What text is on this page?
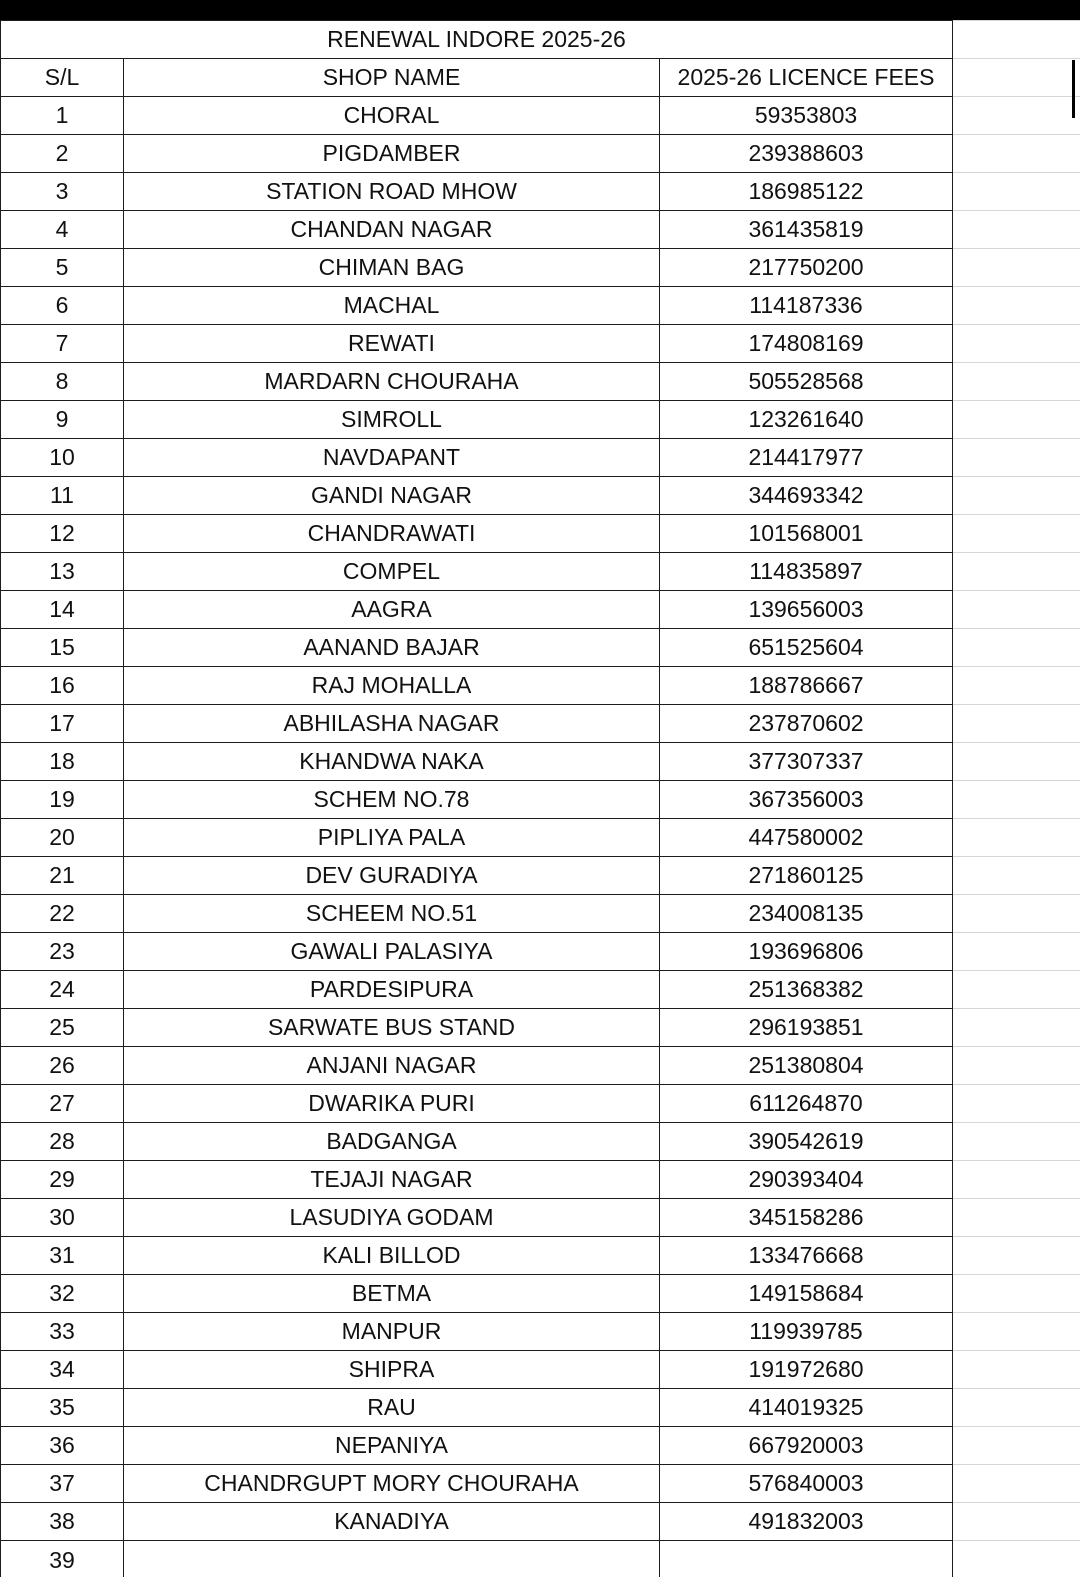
RENEWAL INDORE 2025-26			
S/L	SHOP NAME	2025-26 LICENCE FEES	
1	CHORAL	59353803	
2	PIGDAMBER	239388603	
3	STATION ROAD MHOW	186985122	
4	CHANDAN NAGAR	361435819	
5	CHIMAN BAG	217750200	
6	MACHAL	114187336	
7	REWATI	174808169	
8	MARDARN CHOURAHA	505528568	
9	SIMROLL	123261640	
10	NAVDAPANT	214417977	
11	GANDI NAGAR	344693342	
12	CHANDRAWATI	101568001	
13	COMPEL	114835897	
14	AAGRA	139656003	
15	AANAND BAJAR	651525604	
16	RAJ MOHALLA	188786667	
17	ABHILASHA NAGAR	237870602	
18	KHANDWA NAKA	377307337	
19	SCHEM NO.78	367356003	
20	PIPLIYA PALA	447580002	
21	DEV GURADIYA	271860125	
22	SCHEEM NO.51	234008135	
23	GAWALI PALASIYA	193696806	
24	PARDESIPURA	251368382	
25	SARWATE BUS STAND	296193851	
26	ANJANI NAGAR	251380804	
27	DWARIKA PURI	611264870	
28	BADGANGA	390542619	
29	TEJAJI NAGAR	290393404	
30	LASUDIYA GODAM	345158286	
31	KALI BILLOD	133476668	
32	BETMA	149158684	
33	MANPUR	119939785	
34	SHIPRA	191972680	
35	RAU	414019325	
36	NEPANIYA	667920003	
37	CHANDRGUPT MORY CHOURAHA	576840003	
38	KANADIYA	491832003	
39			
